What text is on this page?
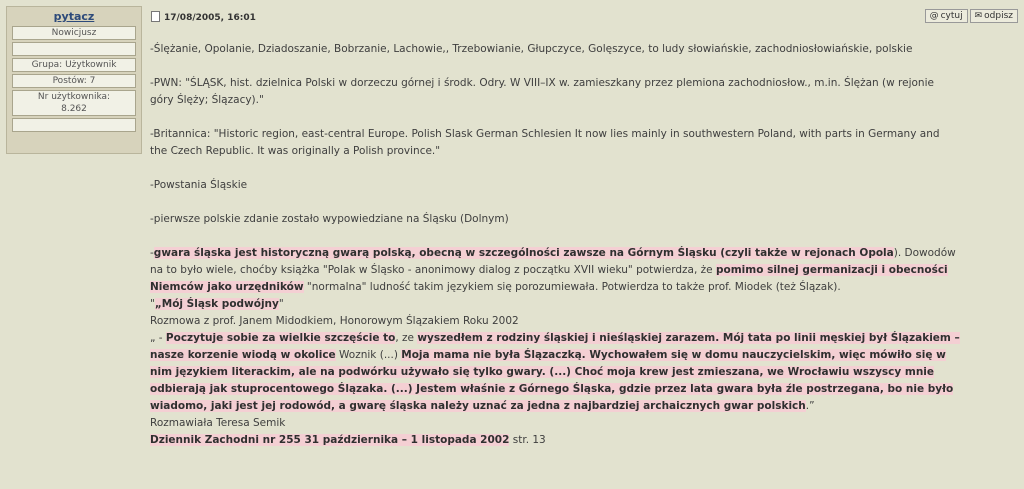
pytacz
Nowicjusz
Grupa: Użytkownik
Postów: 7
Nr użytkownika:
8.262
17/08/2005, 16:01	@ cytuj ✉ odpisz

-Ślężanie, Opolanie, Dziadoszanie, Bobrzanie, Lachowie,, Trzebowianie, Głupczyce, Golęszyce, to ludy słowiańskie, zachodniosłowiańskie, polskie

-PWN: "ŚLĄSK, hist. dzielnica Polski w dorzeczu górnej i środk. Odry. W VIII–IX w. zamieszkany przez plemiona zachodniosłow., m.in. Ślężan (w rejonie

góry Ślęży; Ślązacy)."

-Britannica: "Historic region, east-central Europe. Polish Slask German Schlesien It now lies mainly in southwestern Poland, with parts in Germany and

the Czech Republic. It was originally a Polish province."

-Powstania Śląskie

-pierwsze polskie zdanie zostało wypowiedziane na Śląsku (Dolnym)

-gwara śląska jest historyczną gwarą polską, obecną w szczególności zawsze na Górnym Śląsku (czyli także w rejonach Opola). Dowodów

na to było wiele, choćby książka "Polak w Śląsko - anonimowy dialog z początku XVII wieku" potwierdza, że pomimo silnej germanizacji i obecności

Niemców jako urzędników "normalna" ludność takim językiem się porozumiewała. Potwierdza to także prof. Miodek (też Ślązak).

"„Mój Śląsk podwójny"

Rozmowa z prof. Janem Midodkiem, Honorowym Ślązakiem Roku 2002

„ - Poczytuje sobie za wielkie szczęście to, ze wyszedłem z rodziny śląskiej i nieśląskiej zarazem. Mój tata po linii męskiej był Ślązakiem –

nasze korzenie wiodą w okolice Woznik (...) Moja mama nie była Ślązaczką. Wychowałem się w domu nauczycielskim, więc mówiło się w

nim językiem literackim, ale na podwórku używało się tylko gwary. (...) Choć moja krew jest zmieszana, we Wrocławiu wszyscy mnie

odbierają jak stuprocentowego Ślązaka. (...) Jestem właśnie z Górnego Śląska, gdzie przez lata gwara była źle postrzegana, bo nie było

wiadomo, jaki jest jej rodowód, a gwarę śląska należy uznać za jedna z najbardziej archaicznych gwar polskich.”

Rozmawiała Teresa Semik

Dziennik Zachodni nr 255 31 października – 1 listopada 2002 str. 13
